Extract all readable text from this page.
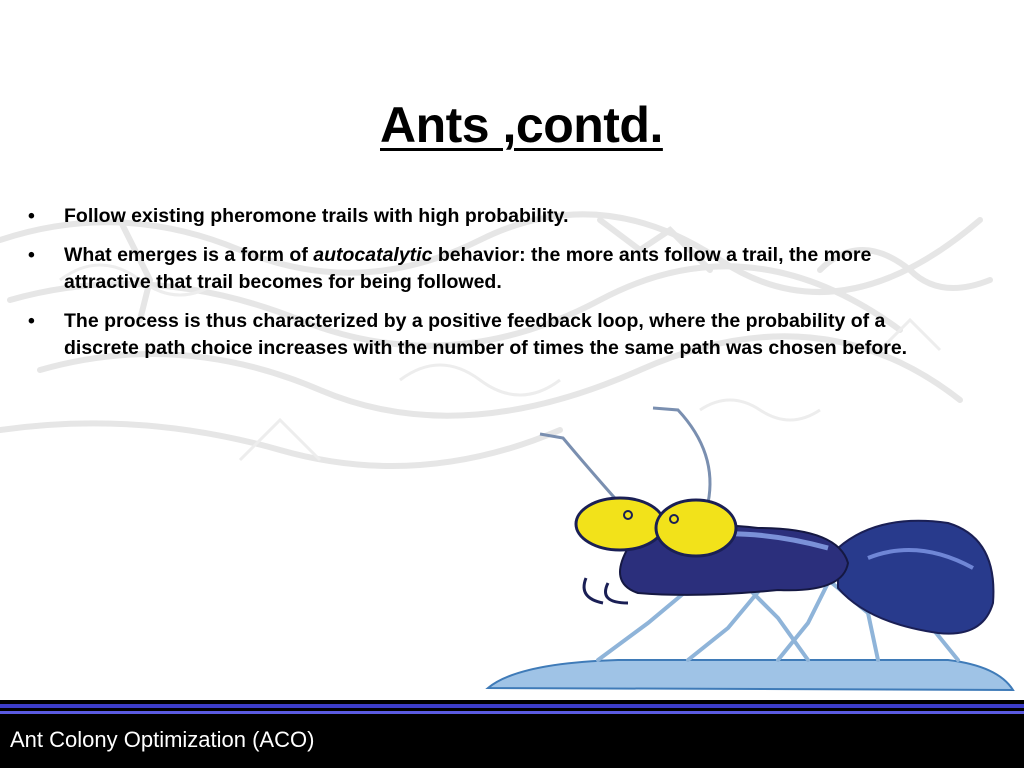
Ants ,contd.
• Follow existing pheromone trails with high probability.
• What emerges is a form of autocatalytic behavior: the more ants follow a trail, the more attractive that trail becomes for being followed.
• The process is thus characterized by a positive feedback loop, where the probability of a discrete path choice increases with the number of times the same path was chosen before.

Ant Colony Optimization (ACO)
